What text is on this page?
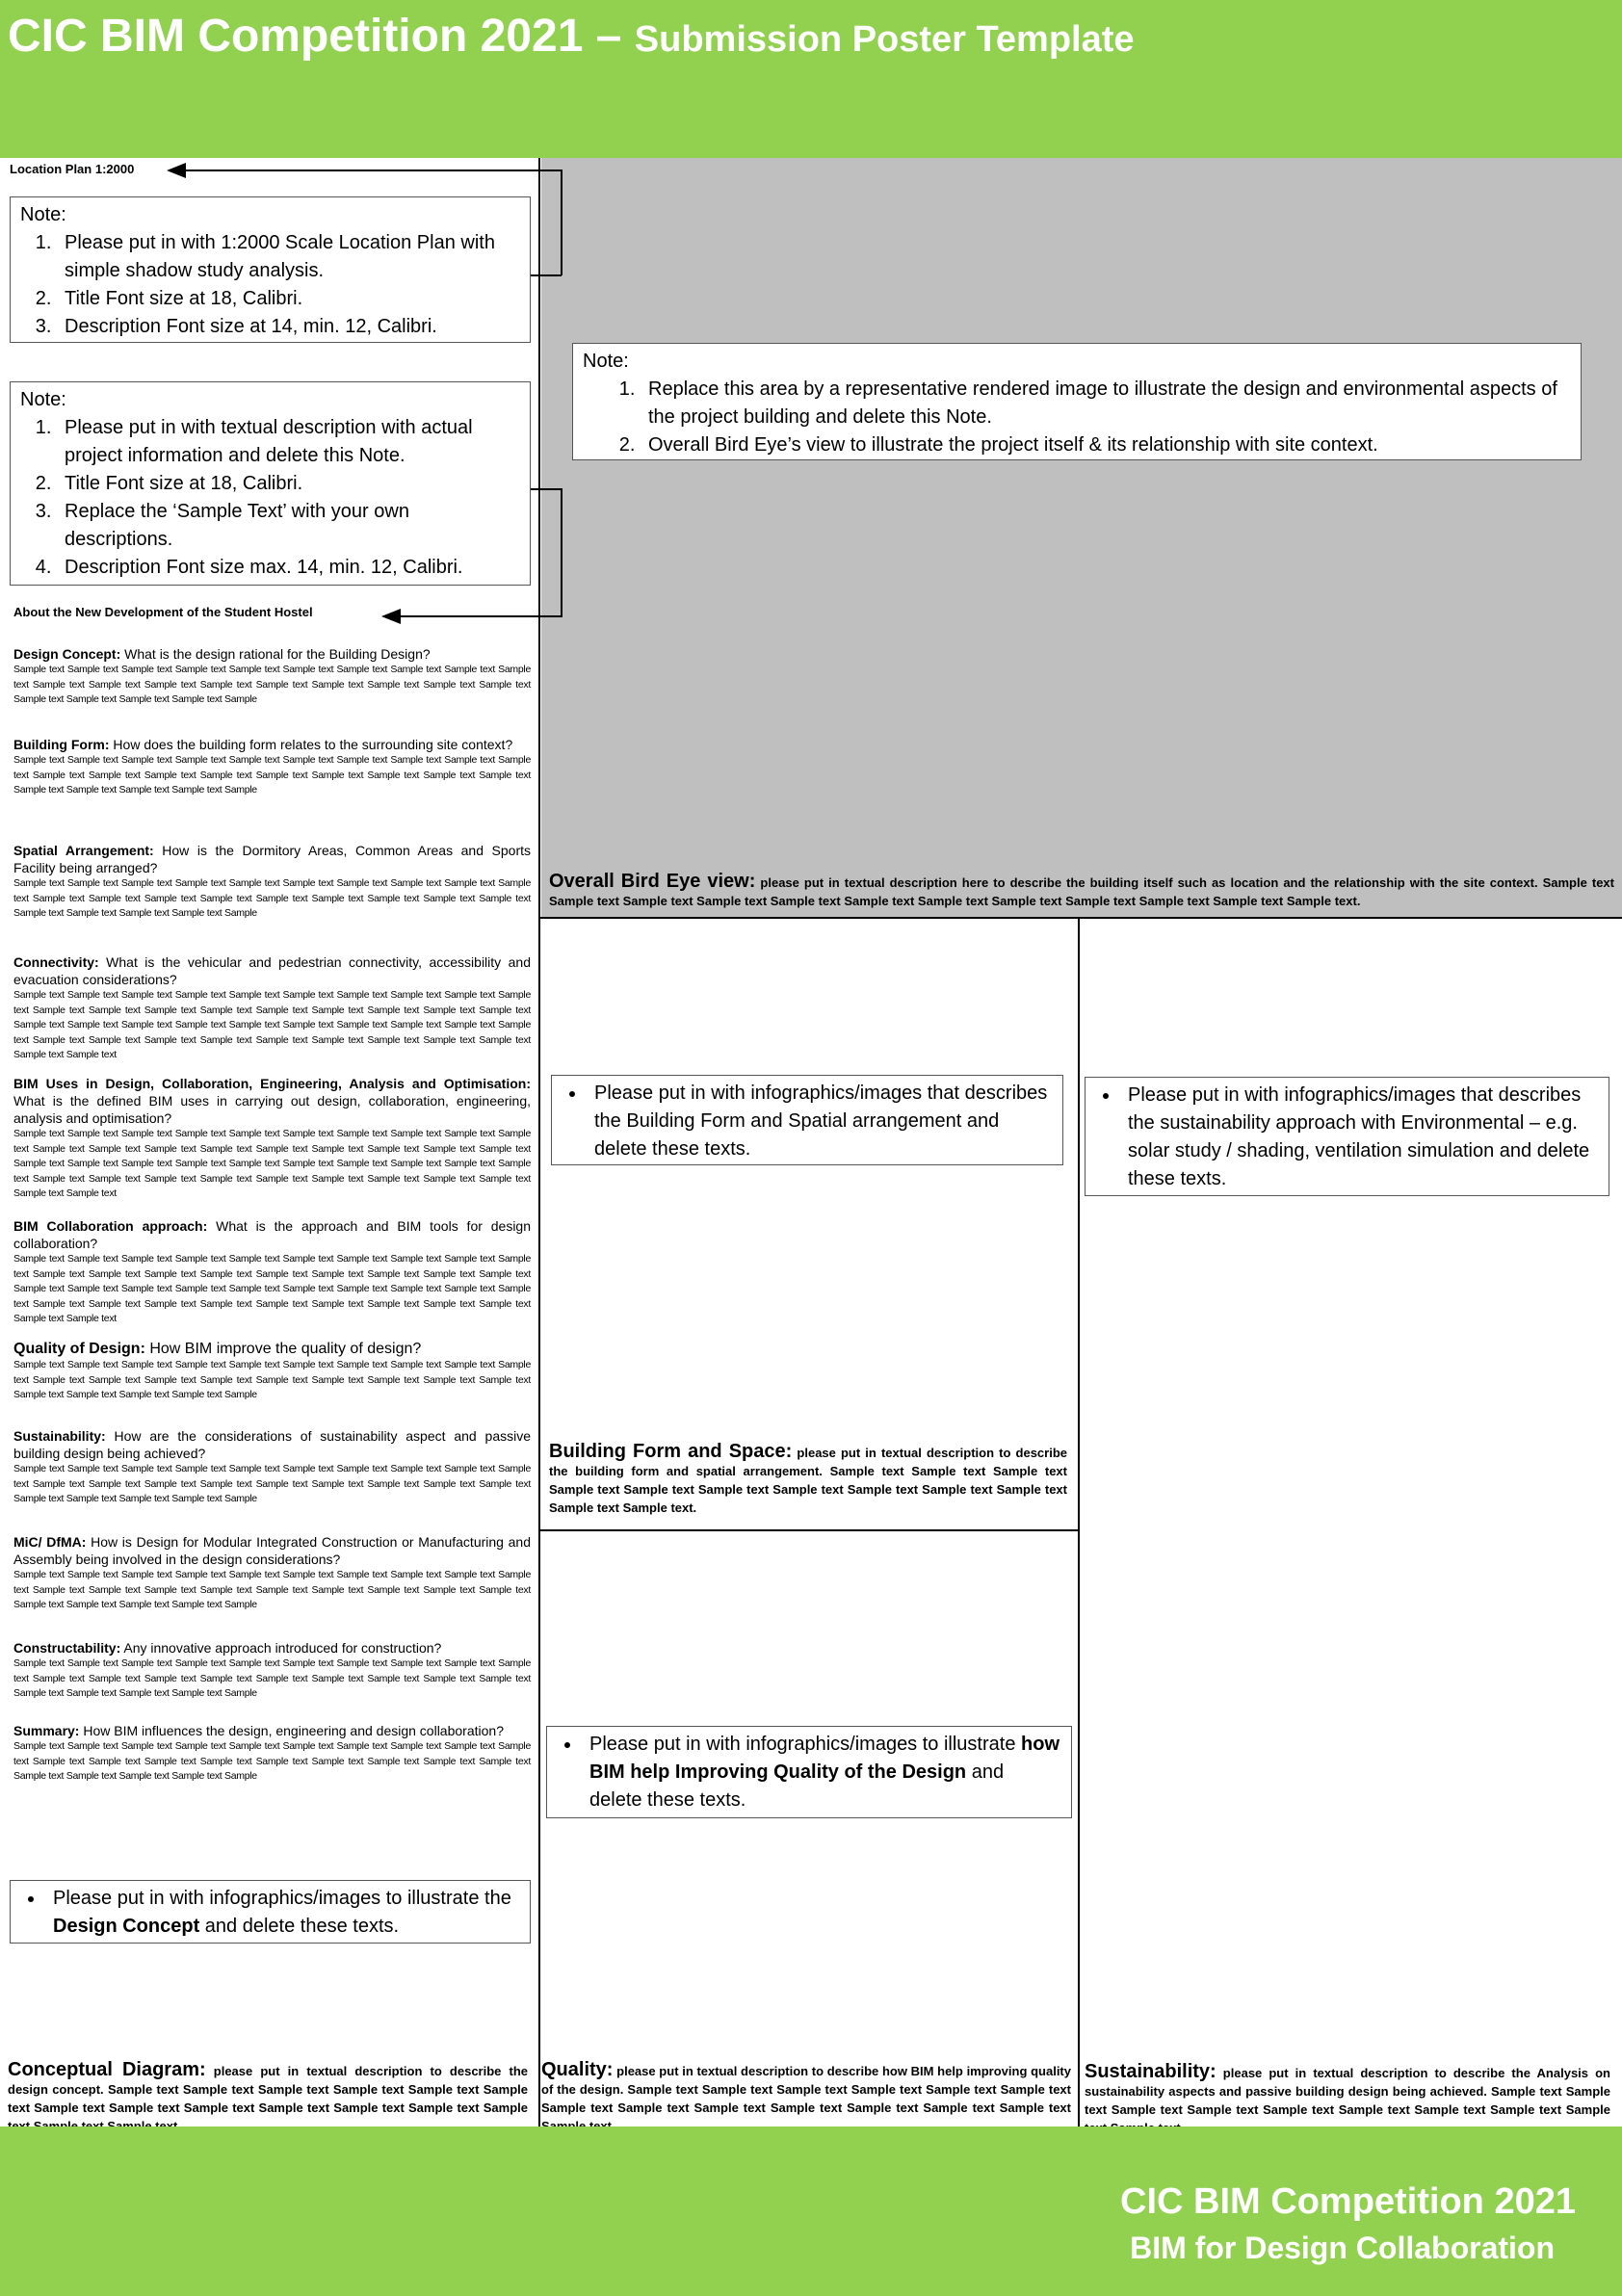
CIC BIM Competition 2021 – Submission Poster Template
Location Plan 1:2000
Note:
1. Please put in with 1:2000 Scale Location Plan with simple shadow study analysis.
2. Title Font size at 18, Calibri.
3. Description Font size at 14, min. 12, Calibri.
Note:
1. Please put in with textual description with actual project information and delete this Note.
2. Title Font size at 18, Calibri.
3. Replace the ‘Sample Text’ with your own descriptions.
4. Description Font size max. 14, min. 12, Calibri.
About the New Development of the Student Hostel
Design Concept: What is the design rational for the Building Design?
Sample text Sample text Sample text Sample text Sample text Sample text Sample text Sample text Sample text Sample text Sample text Sample text Sample text Sample text Sample text Sample text Sample text Sample text Sample text Sample text Sample text Sample text Sample text Sample
Building Form: How does the building form relates to the surrounding site context?
Sample text Sample text Sample text Sample text Sample text Sample text Sample text Sample text Sample text Sample text Sample text Sample text Sample text Sample text Sample text Sample text Sample text Sample text Sample text Sample text Sample text Sample text Sample text Sample
Spatial Arrangement: How is the Dormitory Areas, Common Areas and Sports Facility being arranged?
Sample text Sample text Sample text Sample text Sample text Sample text Sample text Sample text Sample text Sample text Sample text Sample text Sample text Sample text Sample text Sample text Sample text Sample text Sample text Sample text Sample text Sample text Sample text Sample
Connectivity: What is the vehicular and pedestrian connectivity, accessibility and evacuation considerations?
Sample text Sample text Sample text Sample text Sample text Sample text Sample text Sample text Sample text Sample text Sample text Sample text Sample text Sample text Sample text Sample text Sample text Sample text Sample text Sample text Sample text Sample text Sample text Sample text Sample text Sample text Sample text Sample text Sample text Sample text Sample text Sample text Sample text Sample text Sample text Sample text Sample text Sample text Sample text Sample text
BIM Uses in Design, Collaboration, Engineering, Analysis and Optimisation: What is the defined BIM uses in carrying out design, collaboration, engineering, analysis and optimisation?
Sample text Sample text Sample text Sample text Sample text Sample text Sample text Sample text Sample text Sample text Sample text Sample text Sample text Sample text Sample text Sample text Sample text Sample text Sample text Sample text Sample text Sample text Sample text Sample text Sample text Sample text Sample text Sample text Sample text Sample text Sample text Sample text Sample text Sample text Sample text Sample text Sample text Sample text Sample text Sample text
BIM Collaboration approach: What is the approach and BIM tools for design collaboration?
Sample text Sample text Sample text Sample text Sample text Sample text Sample text Sample text Sample text Sample text Sample text Sample text Sample text Sample text Sample text Sample text Sample text Sample text Sample text Sample text Sample text Sample text Sample text Sample text Sample text Sample text Sample text Sample text Sample text Sample text Sample text Sample text Sample text Sample text Sample text Sample text Sample text Sample text Sample text Sample text
Quality of Design: How BIM improve the quality of design?
Sample text Sample text Sample text Sample text Sample text Sample text Sample text Sample text Sample text Sample text Sample text Sample text Sample text Sample text Sample text Sample text Sample text Sample text Sample text Sample text Sample text Sample text Sample text Sample
Sustainability: How are the considerations of sustainability aspect and passive building design being achieved?
Sample text Sample text Sample text Sample text Sample text Sample text Sample text Sample text Sample text Sample text Sample text Sample text Sample text Sample text Sample text Sample text Sample text Sample text Sample text Sample text Sample text Sample text Sample text Sample
MiC/ DfMA: How is Design for Modular Integrated Construction or Manufacturing and Assembly being involved in the design considerations?
Sample text Sample text Sample text Sample text Sample text Sample text Sample text Sample text Sample text Sample text Sample text Sample text Sample text Sample text Sample text Sample text Sample text Sample text Sample text Sample text Sample text Sample text Sample text Sample
Constructability: Any innovative approach introduced for construction?
Sample text Sample text Sample text Sample text Sample text Sample text Sample text Sample text Sample text Sample text Sample text Sample text Sample text Sample text Sample text Sample text Sample text Sample text Sample text Sample text Sample text Sample text Sample text Sample
Summary: How BIM influences the design, engineering and design collaboration?
Sample text Sample text Sample text Sample text Sample text Sample text Sample text Sample text Sample text Sample text Sample text Sample text Sample text Sample text Sample text Sample text Sample text Sample text Sample text Sample text Sample text Sample text Sample text Sample
• Please put in with infographics/images to illustrate the Design Concept and delete these texts.
Note:
1. Replace this area by a representative rendered image to illustrate the design and environmental aspects of the project building and delete this Note.
2. Overall Bird Eye’s view to illustrate the project itself & its relationship with site context.
Overall Bird Eye view: please put in textual description here to describe the building itself such as location and the relationship with the site context. Sample text Sample text Sample text Sample text Sample text Sample text Sample text Sample text Sample text Sample text Sample text Sample text.
• Please put in with infographics/images that describes the Building Form and Spatial arrangement and delete these texts.
• Please put in with infographics/images that describes the sustainability approach with Environmental – e.g. solar study / shading, ventilation simulation and delete these texts.
Building Form and Space: please put in textual description to describe the building form and spatial arrangement. Sample text Sample text Sample text Sample text Sample text Sample text Sample text Sample text Sample text Sample text Sample text Sample text.
• Please put in with infographics/images to illustrate how BIM help Improving Quality of the Design and delete these texts.
Conceptual Diagram: please put in textual description to describe the design concept. Sample text Sample text Sample text Sample text Sample text Sample text Sample text Sample text Sample text Sample text Sample text Sample text Sample
Quality: please put in textual description to describe how BIM help improving quality of the design. Sample text Sample text Sample text Sample text Sample text Sample text Sample text Sample text Sample text Sample text Sample text Sample text Sample text
Sustainability: please put in textual description to describe the Analysis on sustainability aspects and passive building design being achieved. Sample text Sample text Sample text Sample text Sample text Sample text Sample text Sample text Sample
CIC BIM Competition 2021
BIM for Design Collaboration
